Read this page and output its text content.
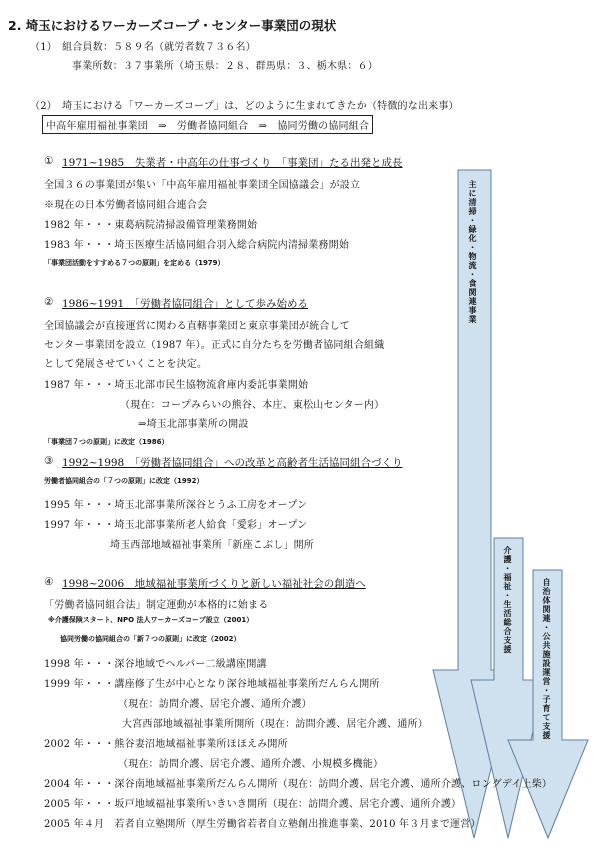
主に清掃・緑化・物流・食関連事業
介護・福祉・生活総合支援	自治体関連・公共施設運営・子育て支援
2. 埼玉におけるワーカーズコープ・センター事業団の現状
（1）　組合員数：５８９名（就労者数７３６名）
事業所数：３７事業所（埼玉県：２８、群馬県：３、栃木県：６）
（2）　埼玉における「ワーカーズコープ」は、どのように生まれてきたか（特徴的な出来事）
中高年雇用福祉事業団　⇒　労働者協同組合　⇒　協同労働の協同組合
① 1971~1985　失業者・中高年の仕事づくり　「事業団」たる出発と成長
全国３６の事業団が集い「中高年雇用福祉事業団全国協議会」が設立
※現在の日本労働者協同組合連合会
1982 年・・・東葛病院清掃設備管理業務開始
1983 年・・・埼玉医療生活協同組合羽入総合病院内清掃業務開始
「事業団活動をすすめる７つの原則」を定める（1979）
② 1986~1991　「労働者協同組合」として歩み始める
全国協議会が直接運営に関わる直轄事業団と東京事業団が統合して
センター事業団を設立（1987 年）。正式に自分たちを労働者協同組合組織
として発展させていくことを決定。
1987 年・・・埼玉北部市民生協物流倉庫内委託事業開始
（現在：コープみらいの熊谷、本庄、東松山センター内）
⇒埼玉北部事業所の開設
「事業団７つの原則」に改定（1986）
③ 1992~1998　「労働者協同組合」への改革と高齢者生活協同組合づくり
労働者協同組合の「７つの原則」に改定（1992）
1995 年・・・埼玉北部事業所深谷とうふ工房をオープン
1997 年・・・埼玉北部事業所老人給食「愛彩」オープン
埼玉西部地域福祉事業所「新座こぶし」開所
④ 1998~2006　地域福祉事業所づくりと新しい福祉社会の創造へ
「労働者協同組合法」制定運動が本格的に始まる
※介護保険スタート、NPO 法人ワーカーズコープ設立（2001）
協同労働の協同組合の「新７つの原則」に改定（2002）
1998 年・・・深谷地域でヘルパー二級講座開講
1999 年・・・講座修了生が中心となり深谷地域福祉事業所だんらん開所
（現在：訪問介護、居宅介護、通所介護）
大宮西部地域福祉事業所開所（現在：訪問介護、居宅介護、通所）
2002 年・・・熊谷妻沼地域福祉事業所ほほえみ開所
（現在：訪問介護、居宅介護、通所介護、小規模多機能）
2004 年・・・深谷南地域福祉事業所だんらん開所（現在：訪問介護、居宅介護、通所介護、ロングデイ上柴）
2005 年・・・坂戸地域福祉事業所いきいき開所（現在：訪問介護、居宅介護、通所介護）
2005 年４月　若者自立塾開所（厚生労働省若者自立塾創出推進事業、2010 年３月まで運営）
